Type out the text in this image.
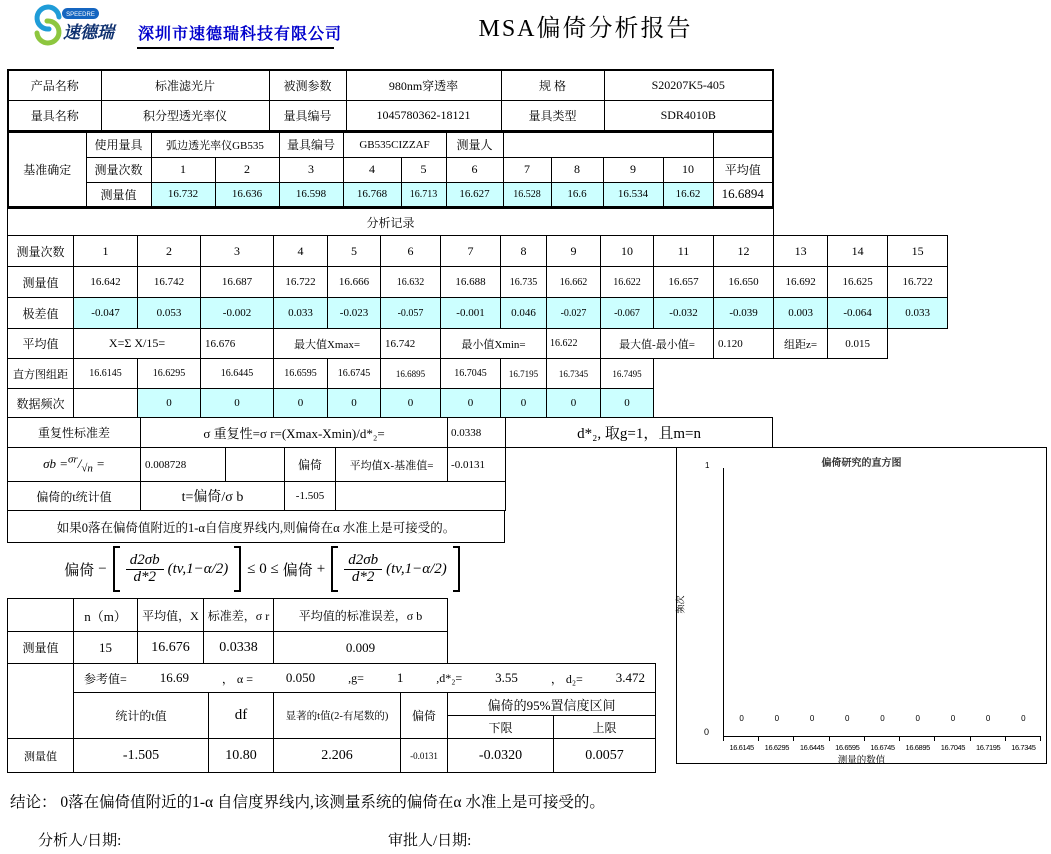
SPEEDRE
速德瑞 深圳市速德瑞科技有限公司	MSA偏倚分析报告
产品名称	标准滤光片	被测参数	980nm穿透率	规 格	S20207K5-405
量具名称	积分型透光率仪	量具编号	1045780362-18121	量具类型	SDR4010B
基准确定	使用量具	弧边透光率仪GB535		量具编号	GB535CIZZAF		测量人					
	测量次数	1	2	3	4	5	6	7	8	9	10	平均值
	测量值	16.732	16.636	16.598	16.768	16.713	16.627	16.528	16.6	16.534	16.62	16.6894
分析记录															
测量次数	1	2	3	4	5	6	7	8	9	10	11	12	13	14	15
测量值	16.642	16.742	16.687	16.722	16.666	16.632	16.688	16.735	16.662	16.622	16.657	16.650	16.692	16.625	16.722
极差值	-0.047	0.053	-0.002	0.033	-0.023	-0.057	-0.001	0.046	-0.027	-0.067	-0.032	-0.039	0.003	-0.064	0.033
平均值	X=Σ X/15=		16.676	最大值Xmax=		16.742	最小值Xmin=		16.622	最大值-最小值=		0.120	组距z=	0.015	
直方图组距	16.6145	16.6295	16.6445	16.6595	16.6745	16.6895	16.7045	16.7195	16.7345	16.7495					
数据频次		0	0	0	0	0	0	0	0	0					
重复性标准差	σ 重复性=σ r=(Xmax-Xmin)/d*₂=				0.0338	d*₂, 取g=1，且m=n
$\sigma b =^{\sigma r}/_{√n}$ =	0.008728		偏倚	平均值X-基准值=	-0.0131	
偏倚的t统计值	t=偏倚/σ b		-1.505			
如果0落在偏倚值附近的1-α自信度界线内,则偏倚在α 水准上是可接受的。
偏倚 − $\frac{d2\sigma b}{d*2} (tv,1-\alpha/2) \le 0$ ≤ 偏倚 + $\frac{d2\sigma b}{d*2} (tv,1-\alpha/2)$
	n（m）	平均值，X	标准差，σ r	平均值的标准误差，σ b
测量值	15	16.676	0.0338	0.009

参考值=	16.69	， α =	0.050	,g=	1	,d*₂=	3.55	， d₂=	3.472

	统计的t值	df	显著的t值(2-有尾数的)	偏倚	偏倚的95%置信度区间	
					下限	上限
测量值	-1.505	10.80	2.206	-0.0131	-0.0320	0.0057
偏倚研究的直方图
1
0
频次
0	0	0	0	0	0	0	0	0
16.6145	16.6295	16.6445	16.6595	16.6745	16.6895	16.7045	16.7195	16.7345
测量的数值
结论： 0落在偏倚值附近的1-α 自信度界线内,该测量系统的偏倚在α 水准上是可接受的。
分析人/日期:	审批人/日期:
